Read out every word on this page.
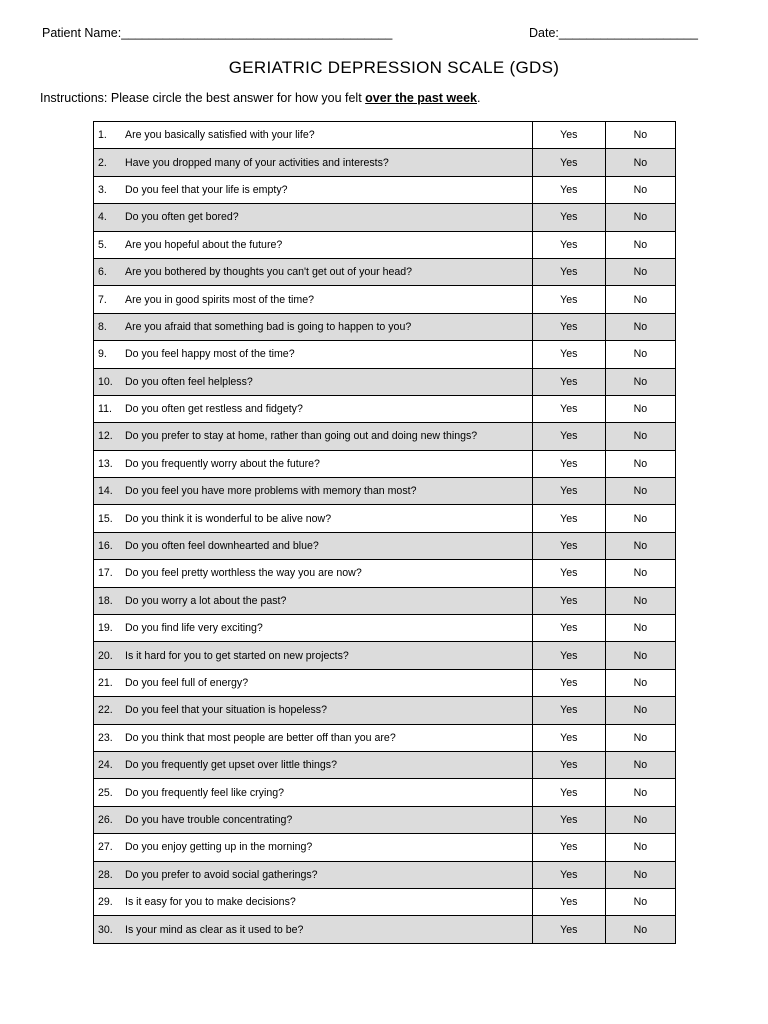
Patient Name:_______________________________________	Date:____________________
GERIATRIC DEPRESSION SCALE (GDS)
Instructions: Please circle the best answer for how you felt over the past week.
1. Are you basically satisfied with your life?	Yes	No

2. Have you dropped many of your activities and interests?	Yes	No

3. Do you feel that your life is empty?	Yes	No

4. Do you often get bored?	Yes	No

5. Are you hopeful about the future?	Yes	No

6. Are you bothered by thoughts you can't get out of your head?	Yes	No

7. Are you in good spirits most of the time?	Yes	No

8. Are you afraid that something bad is going to happen to you?	Yes	No

9. Do you feel happy most of the time?	Yes	No

10. Do you often feel helpless?	Yes	No

11. Do you often get restless and fidgety?	Yes	No

12. Do you prefer to stay at home, rather than going out and doing new things?	Yes	No

13. Do you frequently worry about the future?	Yes	No

14. Do you feel you have more problems with memory than most?	Yes	No

15. Do you think it is wonderful to be alive now?	Yes	No

16. Do you often feel downhearted and blue?	Yes	No

17. Do you feel pretty worthless the way you are now?	Yes	No

18. Do you worry a lot about the past?	Yes	No

19. Do you find life very exciting?	Yes	No

20. Is it hard for you to get started on new projects?	Yes	No

21. Do you feel full of energy?	Yes	No

22. Do you feel that your situation is hopeless?	Yes	No

23. Do you think that most people are better off than you are?	Yes	No

24. Do you frequently get upset over little things?	Yes	No

25. Do you frequently feel like crying?	Yes	No

26. Do you have trouble concentrating?	Yes	No

27. Do you enjoy getting up in the morning?	Yes	No

28. Do you prefer to avoid social gatherings?	Yes	No

29. Is it easy for you to make decisions?	Yes	No

30. Is your mind as clear as it used to be?	Yes	No
